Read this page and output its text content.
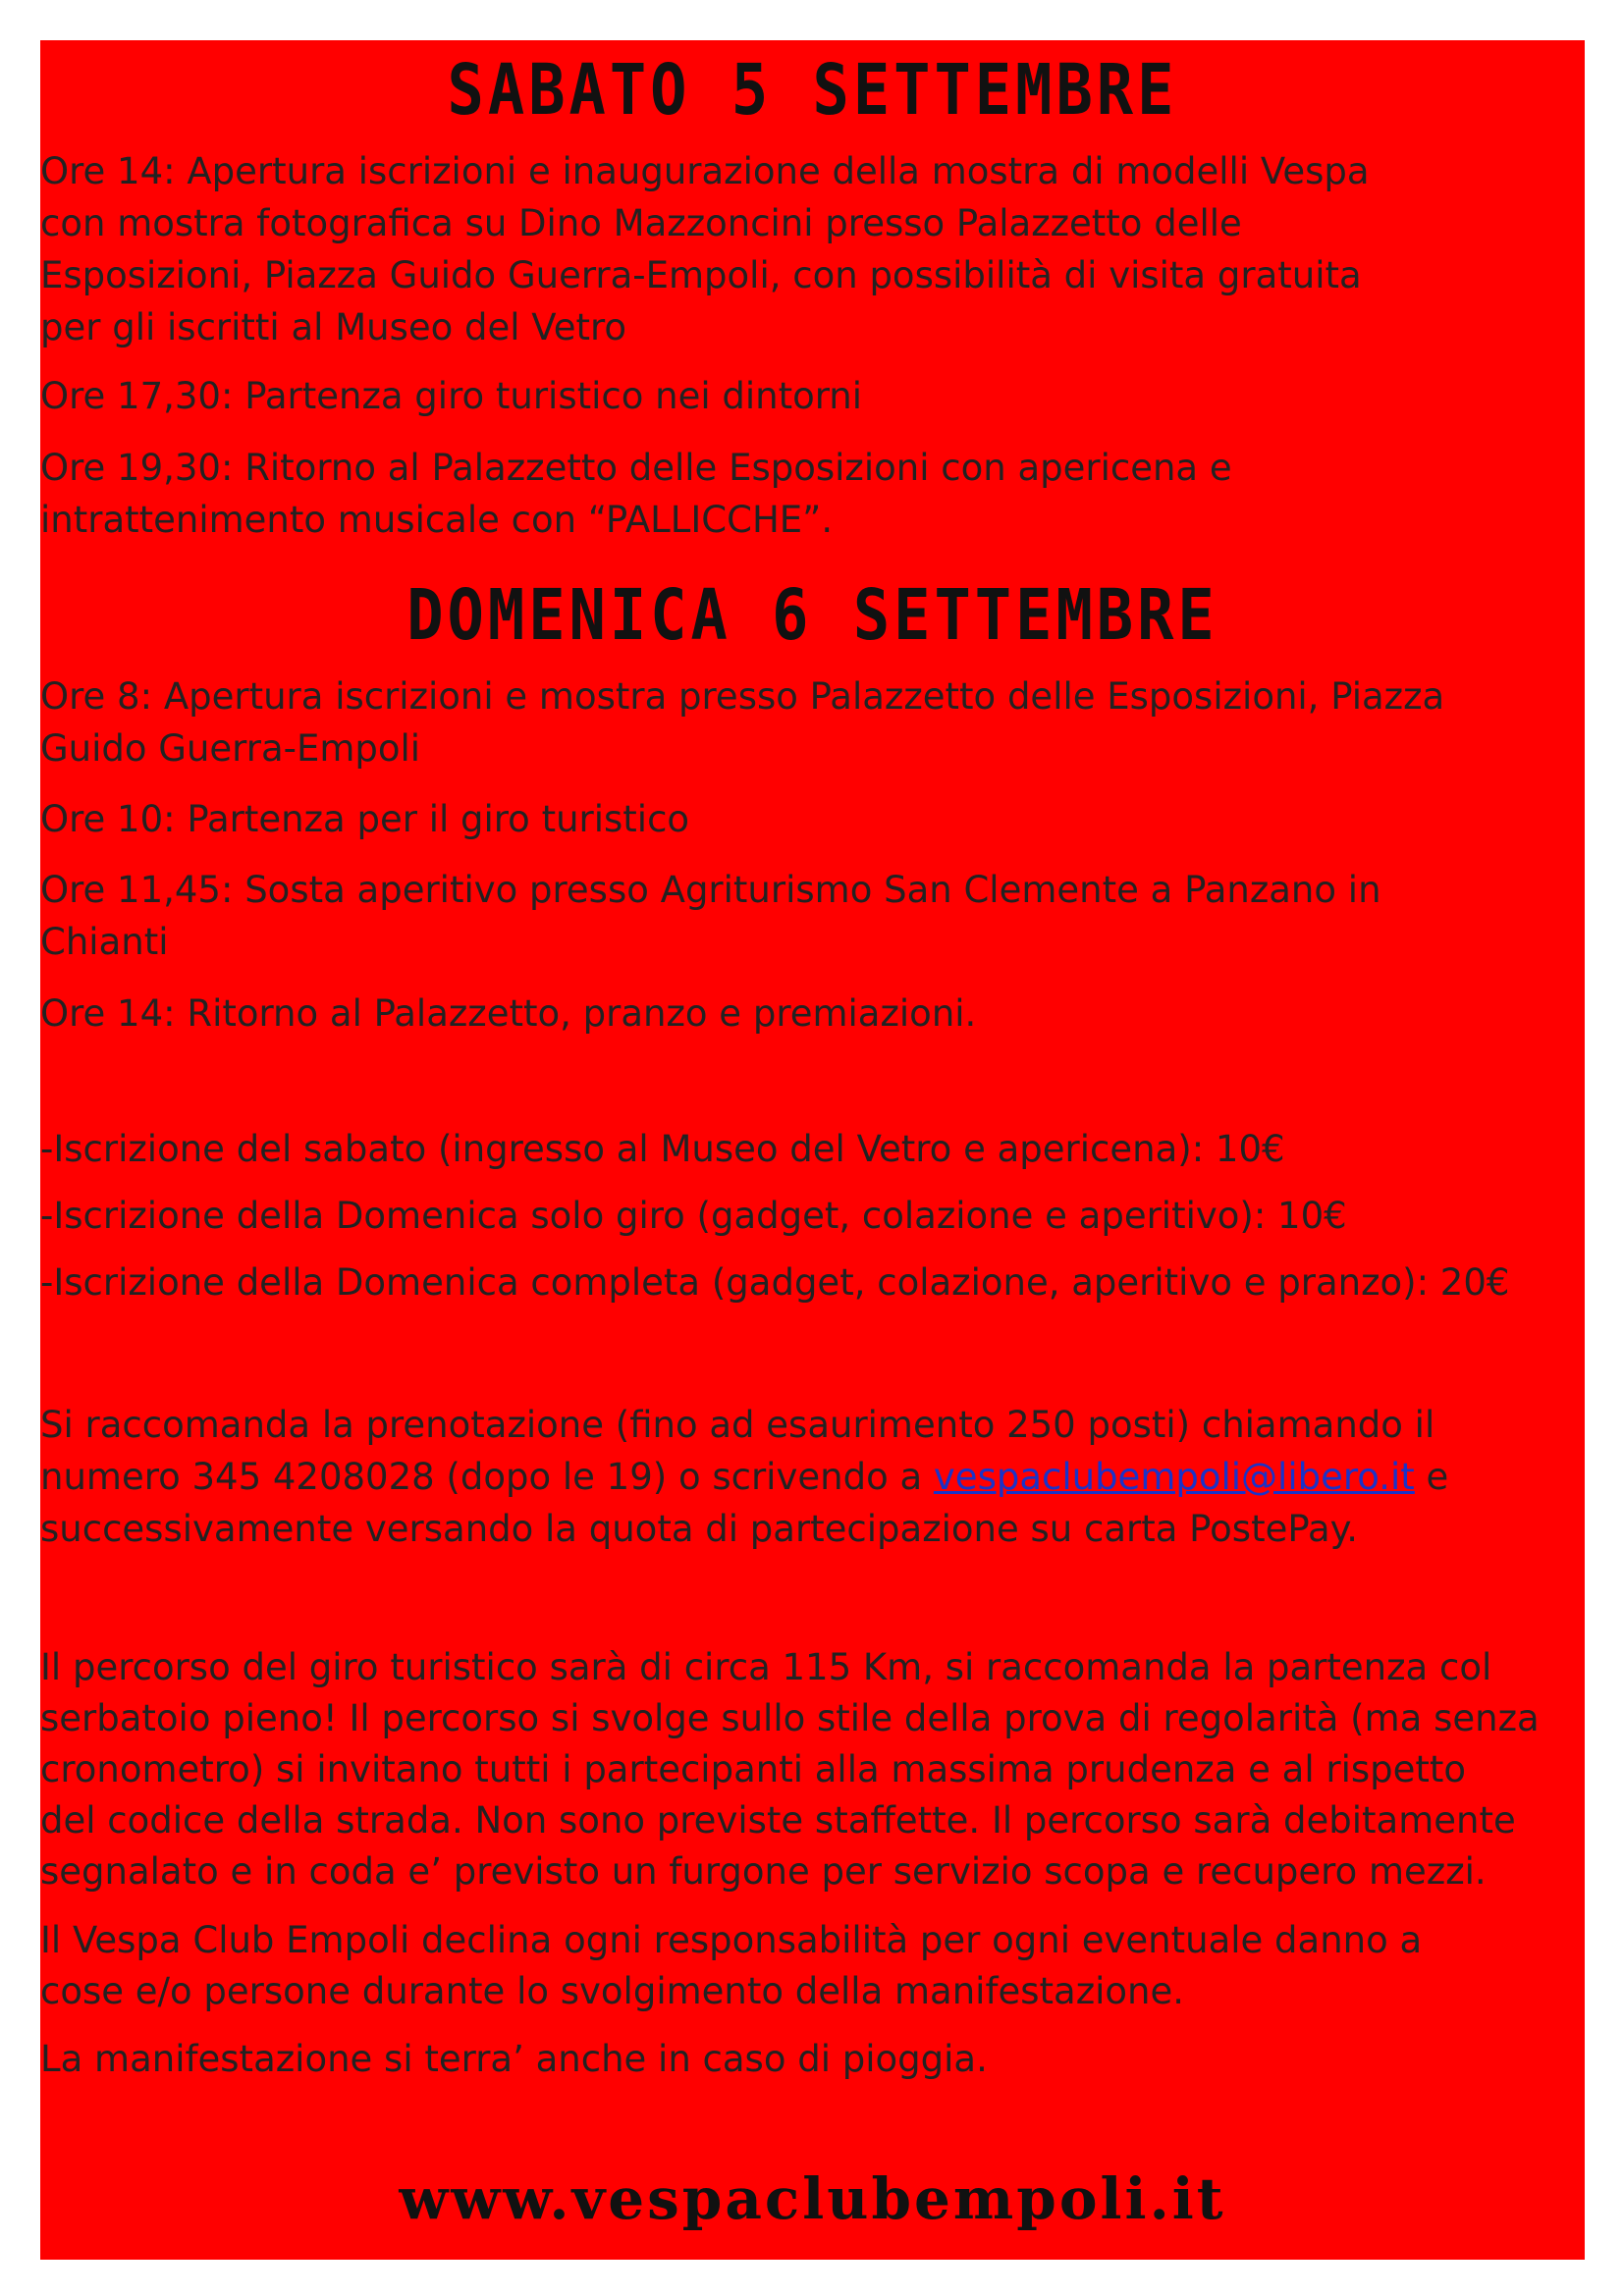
SABATO 5 SETTEMBRE
Ore 14: Apertura iscrizioni e inaugurazione della mostra di modelli Vespa
con mostra fotografica su Dino Mazzoncini presso Palazzetto delle
Esposizioni, Piazza Guido Guerra-Empoli, con possibilità di visita gratuita
per gli iscritti al Museo del Vetro
Ore 17,30: Partenza giro turistico nei dintorni
Ore 19,30: Ritorno al Palazzetto delle Esposizioni con apericena e
intrattenimento musicale con “PALLICCHE”.
DOMENICA 6 SETTEMBRE
Ore 8: Apertura iscrizioni e mostra presso Palazzetto delle Esposizioni, Piazza
Guido Guerra-Empoli
Ore 10: Partenza per il giro turistico
Ore 11,45: Sosta aperitivo presso Agriturismo San Clemente a Panzano in
Chianti
Ore 14: Ritorno al Palazzetto, pranzo e premiazioni.
-Iscrizione del sabato (ingresso al Museo del Vetro e apericena): 10€
-Iscrizione della Domenica solo giro (gadget, colazione e aperitivo): 10€
-Iscrizione della Domenica completa (gadget, colazione, aperitivo e pranzo): 20€
Si raccomanda la prenotazione (fino ad esaurimento 250 posti) chiamando il
numero 345 4208028 (dopo le 19) o scrivendo a vespaclubempoli@libero.it e
successivamente versando la quota di partecipazione su carta PostePay.
Il percorso del giro turistico sarà di circa 115 Km, si raccomanda la partenza col
serbatoio pieno! Il percorso si svolge sullo stile della prova di regolarità (ma senza
cronometro) si invitano tutti i partecipanti alla massima prudenza e al rispetto
del codice della strada. Non sono previste staffette. Il percorso sarà debitamente
segnalato e in coda e’ previsto un furgone per servizio scopa e recupero mezzi.
Il Vespa Club Empoli declina ogni responsabilità per ogni eventuale danno a
cose e/o persone durante lo svolgimento della manifestazione.
La manifestazione si terra’ anche in caso di pioggia.
www.vespaclubempoli.it
